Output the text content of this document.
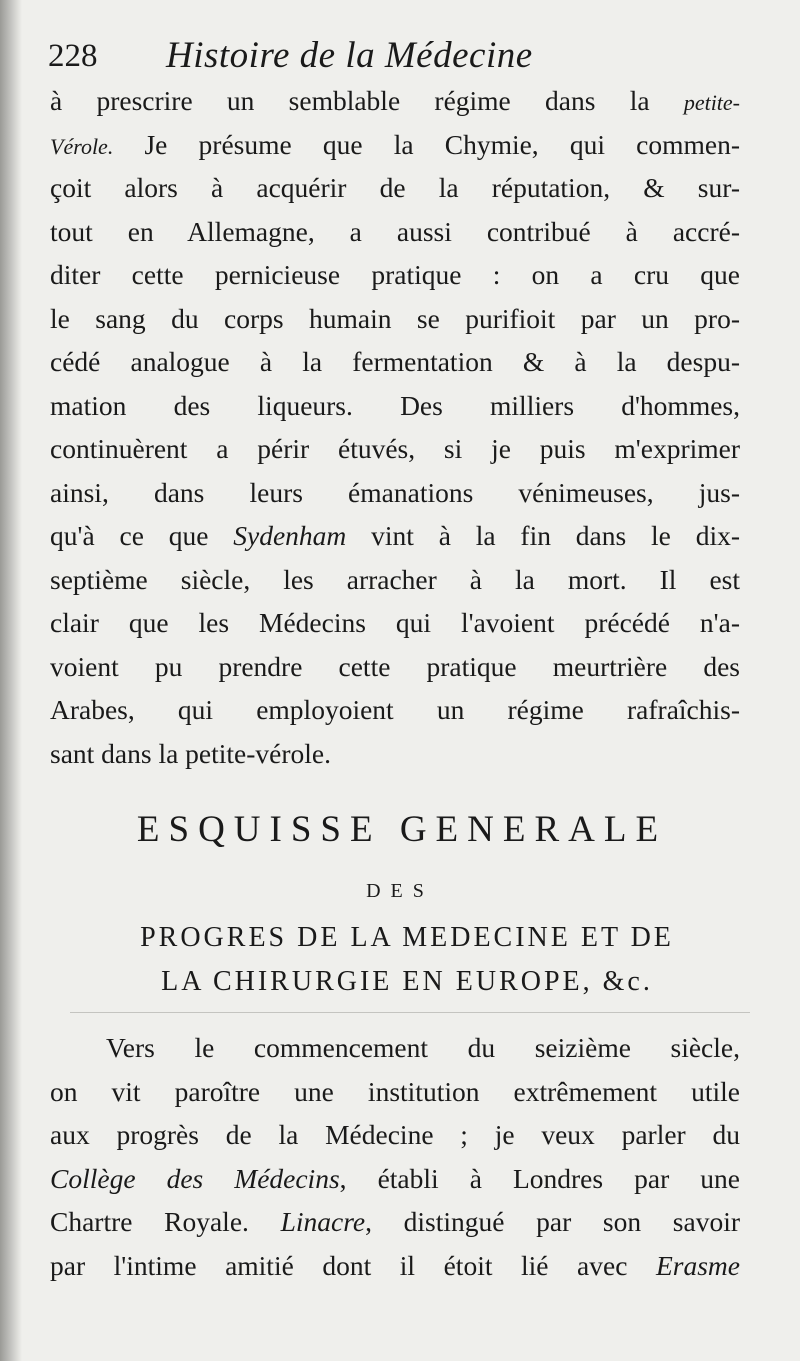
228 Histoire de la Médecine
à prescrire un semblable régime dans la petite-
Vérole. Je présume que la Chymie, qui commen-
çoit alors à acquérir de la réputation, & sur-
tout en Allemagne, a aussi contribué à accré-
diter cette pernicieuse pratique : on a cru que
le sang du corps humain se purifioit par un pro-
cédé analogue à la fermentation & à la despu-
mation des liqueurs. Des milliers d'hommes,
continuèrent a périr étuvés, si je puis m'exprimer
ainsi, dans leurs émanations vénimeuses, jus-
qu'à ce que Sydenham vint à la fin dans le dix-
septième siècle, les arracher à la mort. Il est
clair que les Médecins qui l'avoient précédé n'a-
voient pu prendre cette pratique meurtrière des
Arabes, qui employoient un régime rafraîchis-
sant dans la petite-vérole.
ESQUISSE GENERALE
DES
PROGRES DE LA MEDECINE ET DE
LA CHIRURGIE EN EUROPE, &c.
Vers le commencement du seizième siècle,
on vit paroître une institution extrêmement utile
aux progrès de la Médecine ; je veux parler du
Collège des Médecins, établi à Londres par une
Chartre Royale. Linacre, distingué par son savoir
par l'intime amitié dont il étoit lié avec Erasme
